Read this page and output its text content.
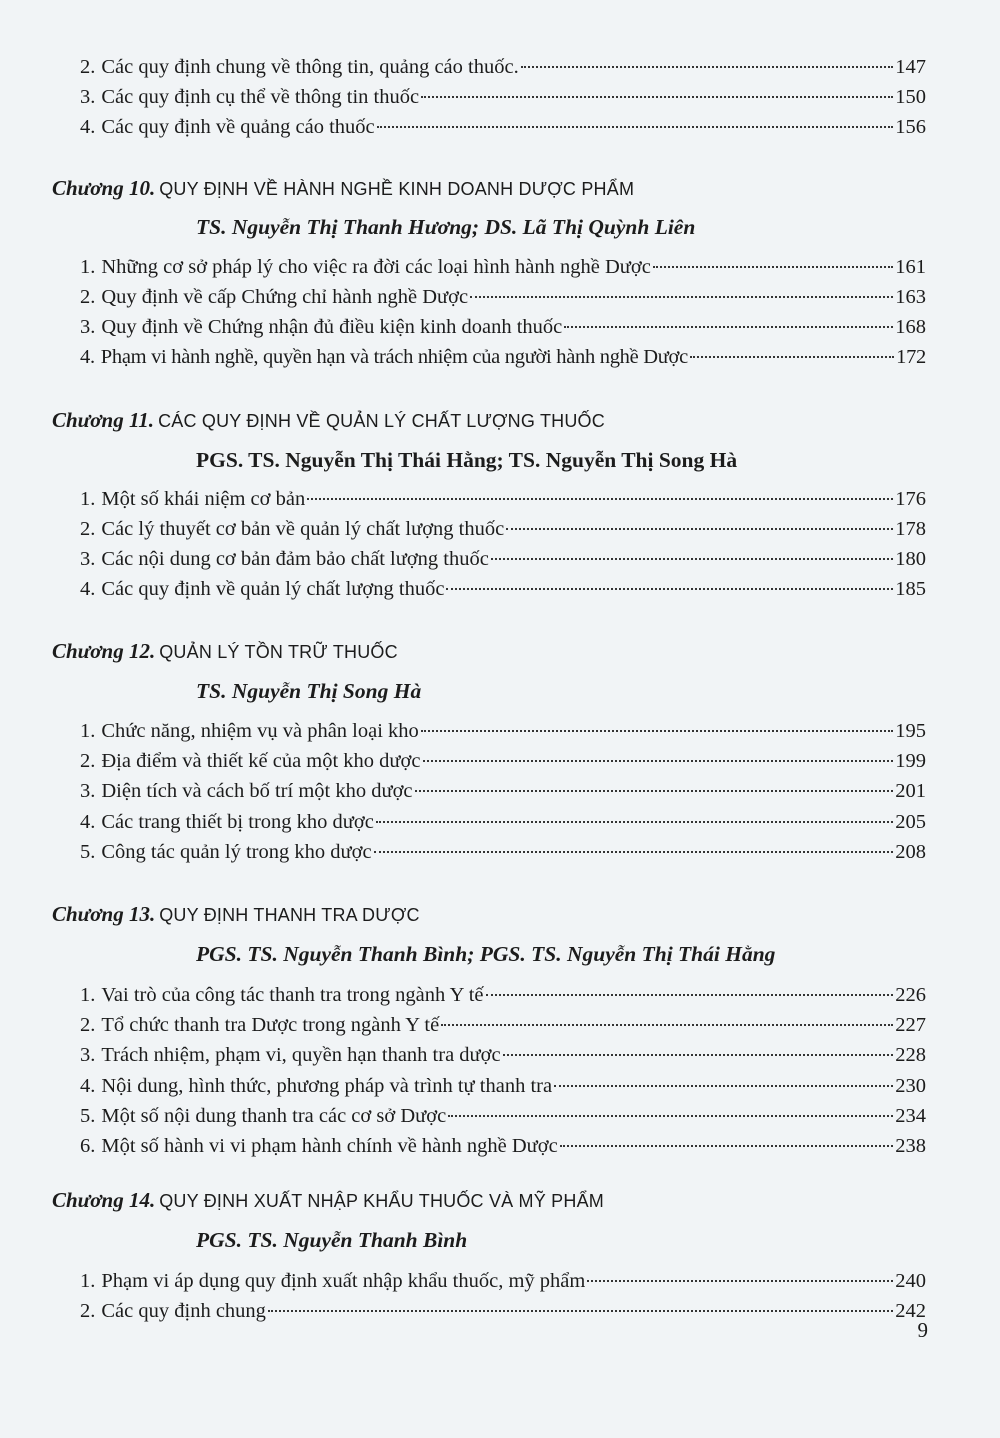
2. Các quy định chung về thông tin, quảng cáo thuốc.	147
3. Các quy định cụ thể về thông tin thuốc	150
4. Các quy định về quảng cáo thuốc	156
Chương 10. QUY ĐỊNH VỀ HÀNH NGHỀ KINH DOANH DƯỢC PHẨM
TS. Nguyễn Thị Thanh Hương; DS. Lã Thị Quỳnh Liên
1. Những cơ sở pháp lý cho việc ra đời các loại hình hành nghề Dược	161
2. Quy định về cấp Chứng chỉ hành nghề Dược	163
3. Quy định về Chứng nhận đủ điều kiện kinh doanh thuốc	168
4. Phạm vi hành nghề, quyền hạn và trách nhiệm của người hành nghề Dược	172
Chương 11. CÁC QUY ĐỊNH VỀ QUẢN LÝ CHẤT LƯỢNG THUỐC
PGS. TS. Nguyễn Thị Thái Hằng; TS. Nguyễn Thị Song Hà
1. Một số khái niệm cơ bản	176
2. Các lý thuyết cơ bản về quản lý chất lượng thuốc	178
3. Các nội dung cơ bản đảm bảo chất lượng thuốc	180
4. Các quy định về quản lý chất lượng thuốc	185
Chương 12. QUẢN LÝ TỒN TRỮ THUỐC
TS. Nguyễn Thị Song Hà
1. Chức năng, nhiệm vụ và phân loại kho	195
2. Địa điểm và thiết kế của một kho dược	199
3. Diện tích và cách bố trí một kho dược	201
4. Các trang thiết bị trong kho dược	205
5. Công tác quản lý trong kho dược	208
Chương 13. QUY ĐỊNH THANH TRA DƯỢC
PGS. TS. Nguyễn Thanh Bình; PGS. TS. Nguyễn Thị Thái Hằng
1. Vai trò của công tác thanh tra trong ngành Y tế	226
2. Tổ chức thanh tra Dược trong ngành Y tế	227
3. Trách nhiệm, phạm vi, quyền hạn thanh tra dược	228
4. Nội dung, hình thức, phương pháp và trình tự thanh tra	230
5. Một số nội dung thanh tra các cơ sở Dược	234
6. Một số hành vi vi phạm hành chính về hành nghề Dược	238
Chương 14. QUY ĐỊNH XUẤT NHẬP KHẨU THUỐC VÀ MỸ PHẨM
PGS. TS. Nguyễn Thanh Bình
1. Phạm vi áp dụng quy định xuất nhập khẩu thuốc, mỹ phẩm	240
2. Các quy định chung	242
9
